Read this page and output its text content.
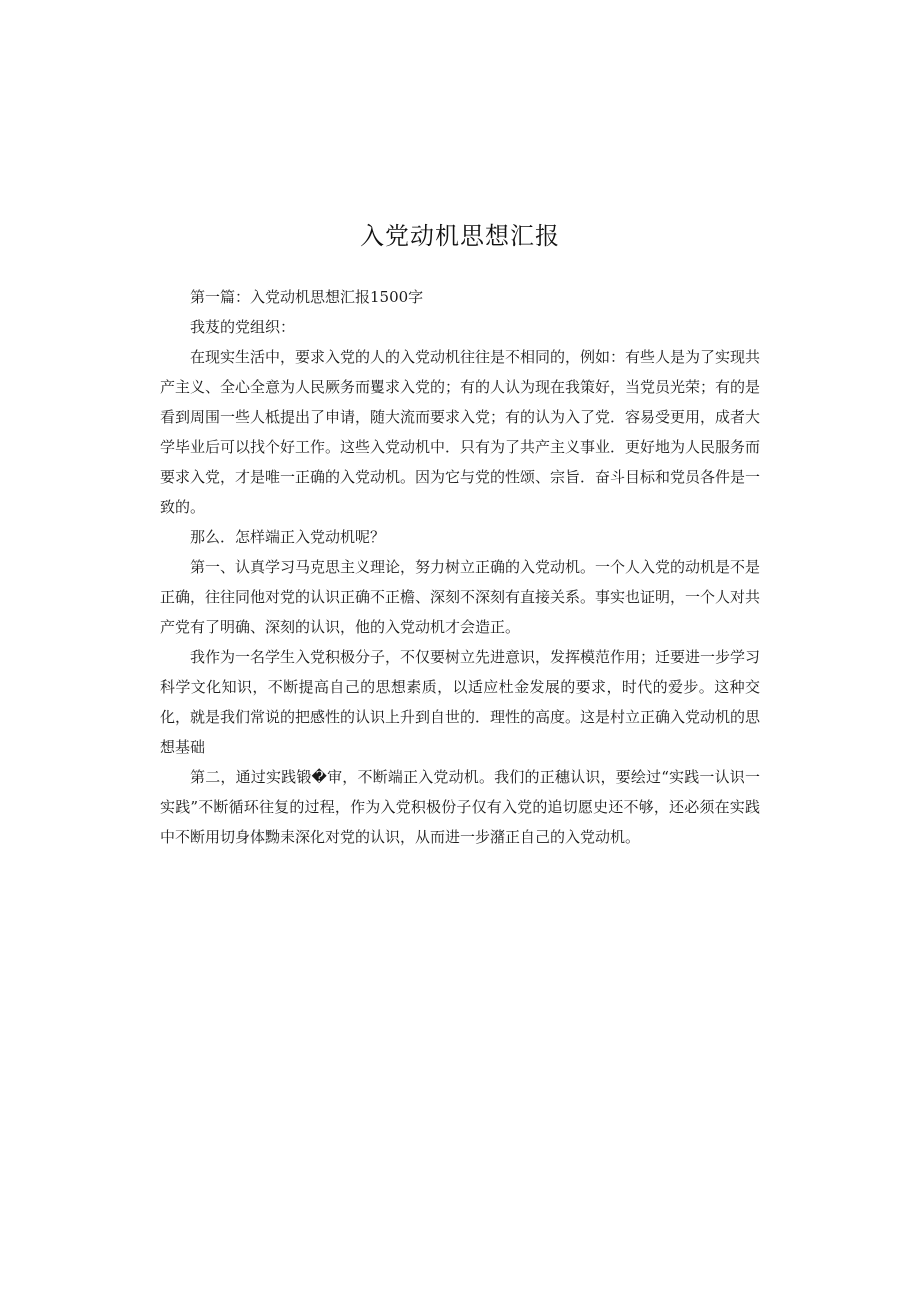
入党动机思想汇报

第一篇：入党动机思想汇报1500字

我芨的党组织：

在现实生活中，要求入党的人的入党动机往往是不相同的，例如：有些人是为了实现共产主义、全心全意为人民厥务而矍求入党的；有的人认为现在我策好，当党员光荣；有的是看到周围一些人柢提出了申请，随大流而要求入党；有的认为入了党．容易受更用，成者大学毕业后可以找个好工作。这些入党动机中．只有为了共产主义事业．更好地为人民服务而要求入党，才是唯一正确的入党动机。因为它与党的性颂、宗旨．奋斗目标和党员各件是一致的。

那么．怎样端正入党动机呢？

第一、认真学习马克思主义理论，努力树立正确的入党动机。一个人入党的动机是不是正确，往往同他对党的认识正确不正檐、深刻不深刻有直接关系。事实也证明，一个人对共产党有了明确、深刻的认识，他的入党动机才会造正。

我作为一名学生入党积极分子，不仅要树立先进意识，发挥模范作用；迁要进一步学习科学文化知识，不断提高自己的思想素质，以适应杜金发展的要求，时代的爱步。这种交化，就是我们常说的把感性的认识上升到自世的．理性的高度。这是村立正确入党动机的思想基础

第二，通过实践锻�审，不断端正入党动机。我们的正穗认识，要绘过“实践一认识一实践”不断循环往复的过程，作为入党积极份子仅有入党的追切愿史还不够，还必须在实践中不断用切身体黝耒深化对党的认识，从而进一步潴正自己的入党动机。
